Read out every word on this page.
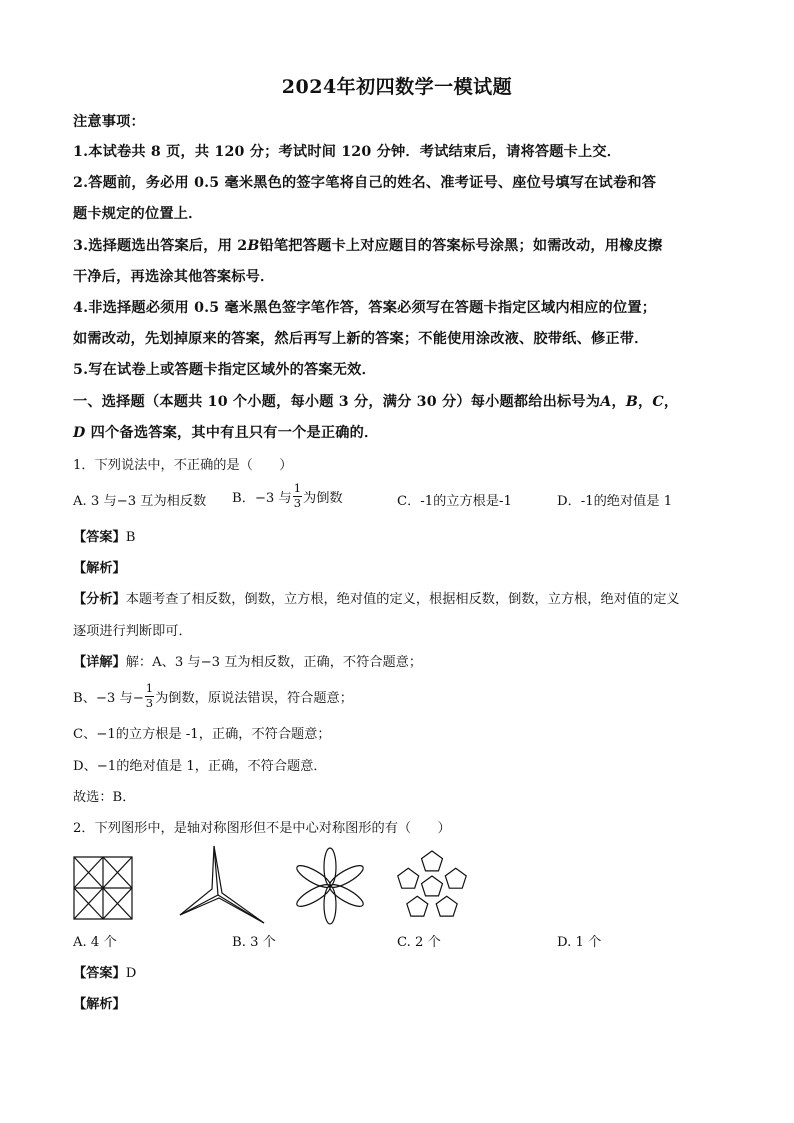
2024年初四数学一模试题
注意事项：
1.本试卷共 8 页，共 120 分；考试时间 120 分钟．考试结束后，请将答题卡上交．
2.答题前，务必用 0.5 毫米黑色的签字笔将自己的姓名、准考证号、座位号填写在试卷和答
题卡规定的位置上．
3.选择题选出答案后，用 2B铅笔把答题卡上对应题目的答案标号涂黑；如需改动，用橡皮擦
干净后，再选涂其他答案标号．
4.非选择题必须用 0.5 毫米黑色签字笔作答，答案必须写在答题卡指定区域内相应的位置；
如需改动，先划掉原来的答案，然后再写上新的答案；不能使用涂改液、胶带纸、修正带．
5.写在试卷上或答题卡指定区域外的答案无效．
一、选择题（本题共 10 个小题，每小题 3 分，满分 30 分）每小题都给出标号为A，B，C，
D 四个备选答案，其中有且只有一个是正确的．
1．下列说法中，不正确的是（　　）
A. 3 与−3 互为相反数 B．−3 与 $\frac{1}{3}$ 为倒数	C．-1的立方根是-1	D．-1的绝对值是 1
【答案】B
【解析】
【分析】本题考查了相反数，倒数，立方根，绝对值的定义，根据相反数，倒数，立方根，绝对值的定义
逐项进行判断即可．
【详解】解：A、3 与−3 互为相反数，正确，不符合题意；
B、−3 与− $\frac{1}{3}$ 为倒数，原说法错误，符合题意；
C、−1的立方根是 -1，正确，不符合题意；
D、−1的绝对值是 1，正确，不符合题意．
故选：B．
2．下列图形中，是轴对称图形但不是中心对称图形的有（　　）
A. 4 个	B. 3 个	C. 2 个	D. 1 个
【答案】D
【解析】
